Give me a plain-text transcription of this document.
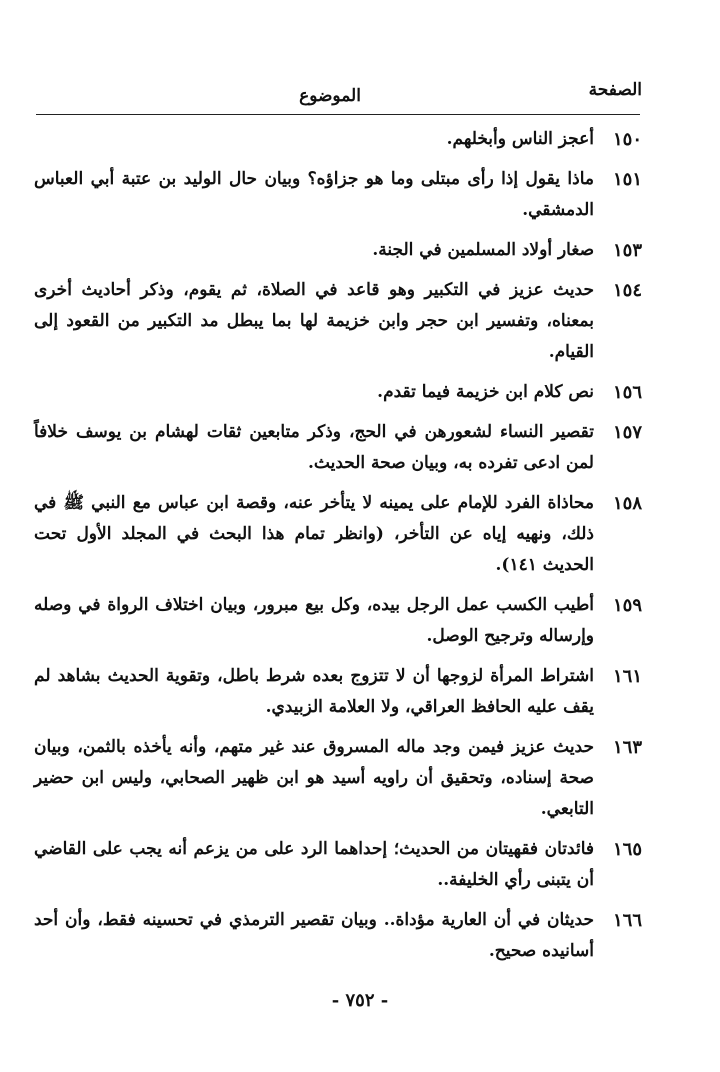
الصفحة
الموضوع
١٥٠
أعجز الناس وأبخلهم.
١٥١
ماذا يقول إذا رأى مبتلى وما هو جزاؤه؟ وبيان حال الوليد بن عتبة أبي العباس الدمشقي.
١٥٣
صغار أولاد المسلمين في الجنة.
١٥٤
حديث عزيز في التكبير وهو قاعد في الصلاة، ثم يقوم، وذكر أحاديث أخرى بمعناه، وتفسير ابن حجر وابن خزيمة لها بما يبطل مد التكبير من القعود إلى القيام.
١٥٦
نص كلام ابن خزيمة فيما تقدم.
١٥٧
تقصير النساء لشعورهن في الحج، وذكر متابعين ثقات لهشام بن يوسف خلافاً لمن ادعى تفرده به، وبيان صحة الحديث.
١٥٨
محاذاة الفرد للإمام على يمينه لا يتأخر عنه، وقصة ابن عباس مع النبي ﷺ في ذلك، ونهيه إياه عن التأخر، (وانظر تمام هذا البحث في المجلد الأول تحت الحديث ١٤١).
١٥٩
أطيب الكسب عمل الرجل بيده، وكل بيع مبرور، وبيان اختلاف الرواة في وصله وإرساله وترجيح الوصل.
١٦١
اشتراط المرأة لزوجها أن لا تتزوج بعده شرط باطل، وتقوية الحديث بشاهد لم يقف عليه الحافظ العراقي، ولا العلامة الزبيدي.
١٦٣
حديث عزيز فيمن وجد ماله المسروق عند غير متهم، وأنه يأخذه بالثمن، وبيان صحة إسناده، وتحقيق أن راويه أسيد هو ابن ظهير الصحابي، وليس ابن حضير التابعي.
١٦٥
فائدتان فقهيتان من الحديث؛ إحداهما الرد على من يزعم أنه يجب على القاضي أن يتبنى رأي الخليفة..
١٦٦
حديثان في أن العارية مؤداة.. وبيان تقصير الترمذي في تحسينه فقط، وأن أحد أسانيده صحيح.
- ٧٥٢ -
